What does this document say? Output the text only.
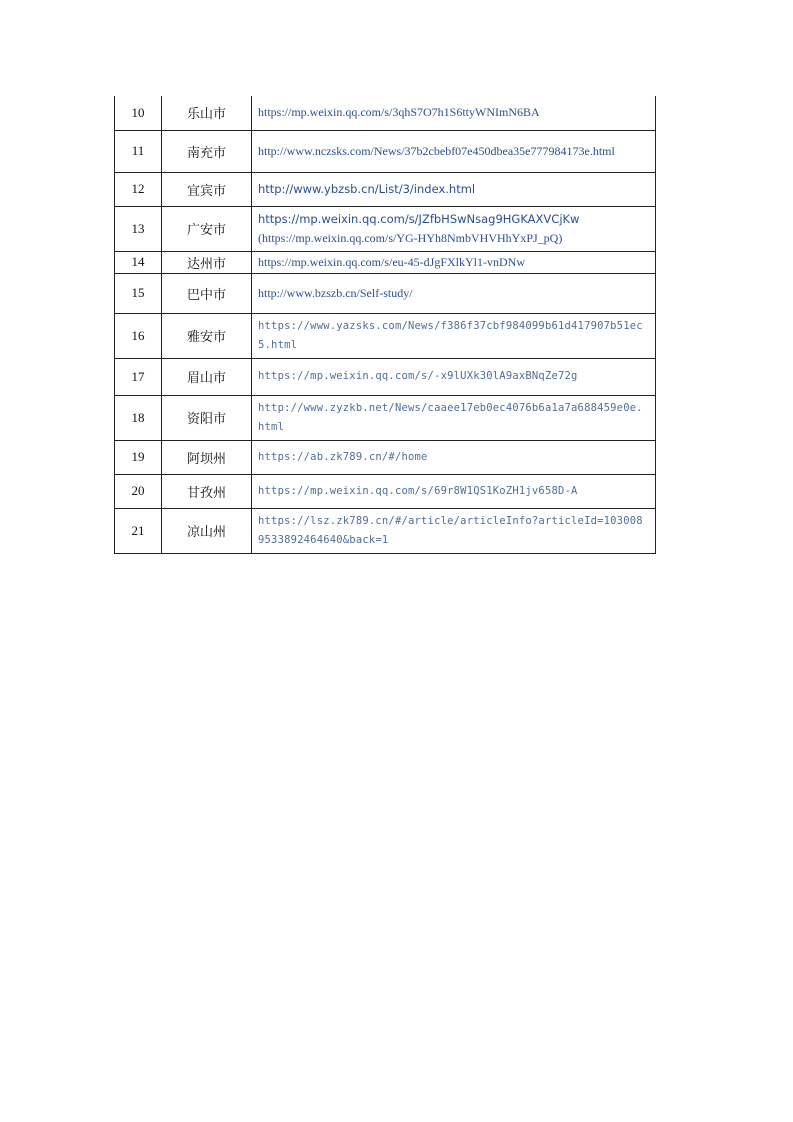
10	乐山市	https://mp.weixin.qq.com/s/3qhS7O7h1S6ttyWNImN6BA

11	南充市	http://www.nczsks.com/News/37b2cbebf07e450dbea35e777984173e.html

12	宜宾市	http://www.ybzsb.cn/List/3/index.html

13	广安市	https://mp.weixin.qq.com/s/JZfbHSwNsag9HGKAXVCjKw
(https://mp.weixin.qq.com/s/YG-HYh8NmbVHVHhYxPJ_pQ)

14	达州市	https://mp.weixin.qq.com/s/eu-45-dJgFXlkYl1-vnDNw

15	巴中市	http://www.bzszb.cn/Self-study/

16	雅安市	https://www.yazsks.com/News/f386f37cbf984099b61d417907b51ec5.html

17	眉山市	https://mp.weixin.qq.com/s/-x9lUXk30lA9axBNqZe72g

18	资阳市	http://www.zyzkb.net/News/caaee17eb0ec4076b6a1a7a688459e0e.html

19	阿坝州	https://ab.zk789.cn/#/home

20	甘孜州	https://mp.weixin.qq.com/s/69r8W1QS1KoZH1jv658D-A

21	凉山州	https://lsz.zk789.cn/#/article/articleInfo?articleId=1030089533892464640&back=1
